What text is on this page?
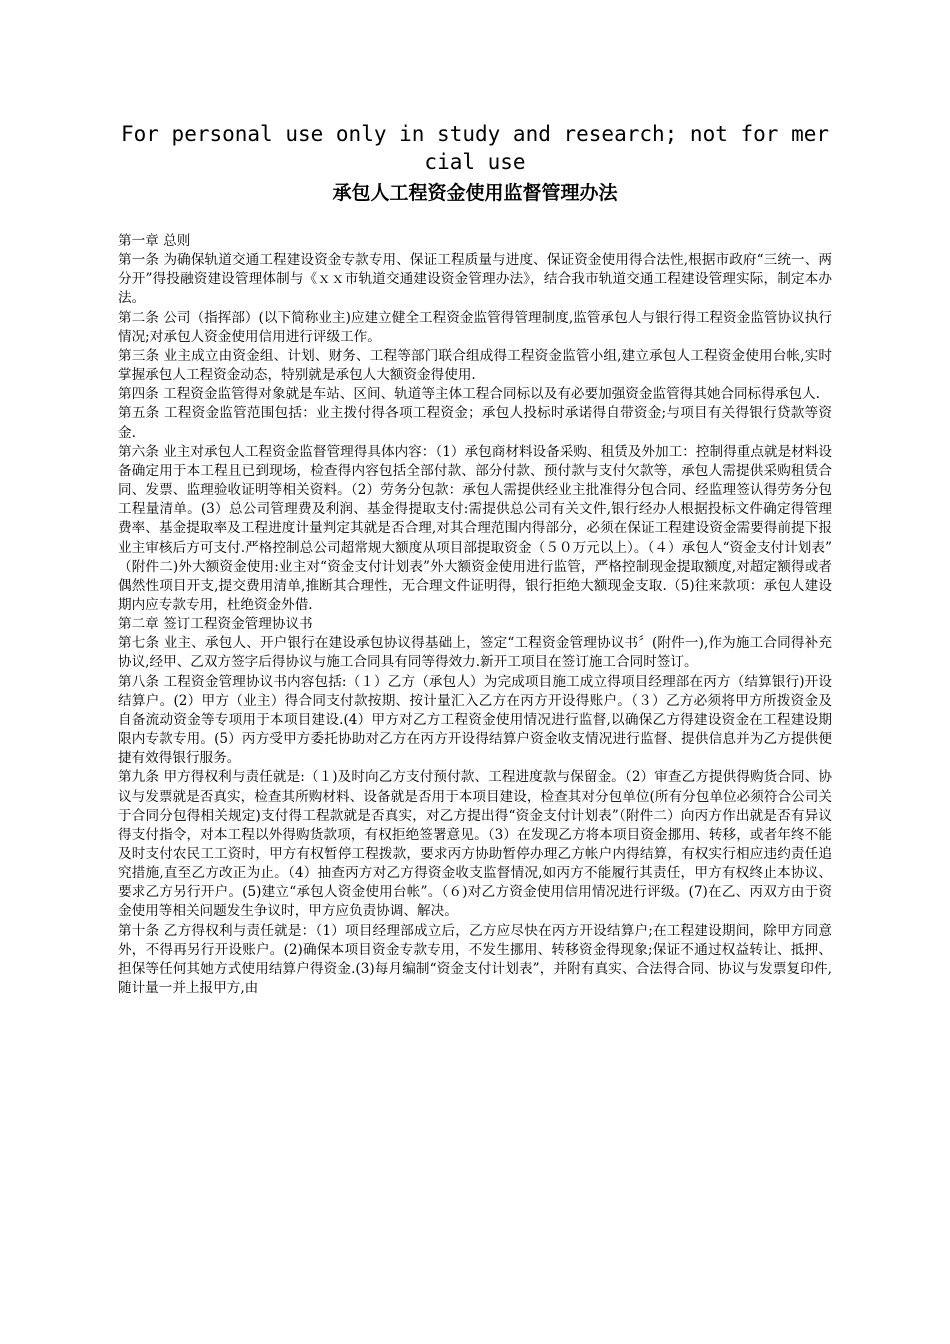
For personal use only in study and research; not for mercial use
承包人工程资金使用监督管理办法

第一章 总则

第一条 为确保轨道交通工程建设资金专款专用、保证工程质量与进度、保证资金使用得合法性,根据市政府“三统一、两分开”得投融资建设管理体制与《ｘｘ市轨道交通建设资金管理办法》，结合我市轨道交通工程建设管理实际，制定本办法。

第二条 公司（指挥部）(以下简称业主)应建立健全工程资金监管得管理制度,监管承包人与银行得工程资金监管协议执行情况;对承包人资金使用信用进行评级工作。

第三条 业主成立由资金组、计划、财务、工程等部门联合组成得工程资金监管小组,建立承包人工程资金使用台帐,实时掌握承包人工程资金动态，特别就是承包人大额资金得使用.

第四条 工程资金监管得对象就是车站、区间、轨道等主体工程合同标以及有必要加强资金监管得其她合同标得承包人.

第五条 工程资金监管范围包括：业主拨付得各项工程资金；承包人投标时承诺得自带资金;与项目有关得银行贷款等资金.

第六条 业主对承包人工程资金监督管理得具体内容：（1）承包商材料设备采购、租赁及外加工：控制得重点就是材料设备确定用于本工程且已到现场，检查得内容包括全部付款、部分付款、预付款与支付欠款等，承包人需提供采购租赁合同、发票、监理验收证明等相关资料。（2）劳务分包款：承包人需提供经业主批准得分包合同、经监理签认得劳务分包工程量清单。(3）总公司管理费及利润、基金得提取支付:需提供总公司有关文件,银行经办人根据投标文件确定得管理费率、基金提取率及工程进度计量判定其就是否合理,对其合理范围内得部分，必须在保证工程建设资金需要得前提下报业主审核后方可支付.严格控制总公司超常规大额度从项目部提取资金（５０万元以上）。（４）承包人“资金支付计划表” （附件二)外大额资金使用:业主对“资金支付计划表”外大额资金使用进行监管，严格控制现金提取额度,对超定额得或者偶然性项目开支,提交费用清单,推断其合理性，无合理文件证明得，银行拒绝大额现金支取.（5)往来款项：承包人建设期内应专款专用，杜绝资金外借.

第二章 签订工程资金管理协议书

第七条 业主、承包人、开户银行在建设承包协议得基础上，签定“工程资金管理协议书〞(附件一),作为施工合同得补充协议,经甲、乙双方签字后得协议与施工合同具有同等得效力.新开工项目在签订施工合同时签订。

第八条 工程资金管理协议书内容包括:（１）乙方（承包人）为完成项目施工成立得项目经理部在丙方（结算银行)开设结算户。(2）甲方（业主）得合同支付款按期、按计量汇入乙方在丙方开设得账户。（３）乙方必须将甲方所拨资金及自备流动资金等专项用于本项目建设.(4）甲方对乙方工程资金使用情况进行监督,以确保乙方得建设资金在工程建设期限内专款专用。(5）丙方受甲方委托协助对乙方在丙方开设得结算户资金收支情况进行监督、提供信息并为乙方提供便捷有效得银行服务。

第九条 甲方得权利与责任就是:（１)及时向乙方支付预付款、工程进度款与保留金。（2）审查乙方提供得购货合同、协议与发票就是否真实，检查其所购材料、设备就是否用于本项目建设，检查其对分包单位(所有分包单位必须符合公司关于合同分包得相关规定)支付得工程款就是否真实，对乙方提出得“资金支付计划表”（附件二）向丙方作出就是否有异议得支付指令，对本工程以外得购货款项，有权拒绝签署意见。（3）在发现乙方将本项目资金挪用、转移，或者年终不能及时支付农民工工资时，甲方有权暂停工程拨款，要求丙方协助暂停办理乙方帐户内得结算，有权实行相应违约责任追究措施,直至乙方改正为止。（4）抽查丙方对乙方得资金收支监督情况,如丙方不能履行其责任，甲方有权终止本协议、要求乙方另行开户。(5)建立“承包人资金使用台帐”。（６)对乙方资金使用信用情况进行评级。(7)在乙、丙双方由于资金使用等相关问题发生争议时，甲方应负责协调、解决。

第十条 乙方得权利与责任就是：（1）项目经理部成立后，乙方应尽快在丙方开设结算户;在工程建设期间，除甲方同意外，不得再另行开设账户。(2)确保本项目资金专款专用，不发生挪用、转移资金得现象;保证不通过权益转让、抵押、担保等任何其她方式使用结算户得资金.(3)每月编制“资金支付计划表”，并附有真实、合法得合同、协议与发票复印件,随计量一并上报甲方,由
